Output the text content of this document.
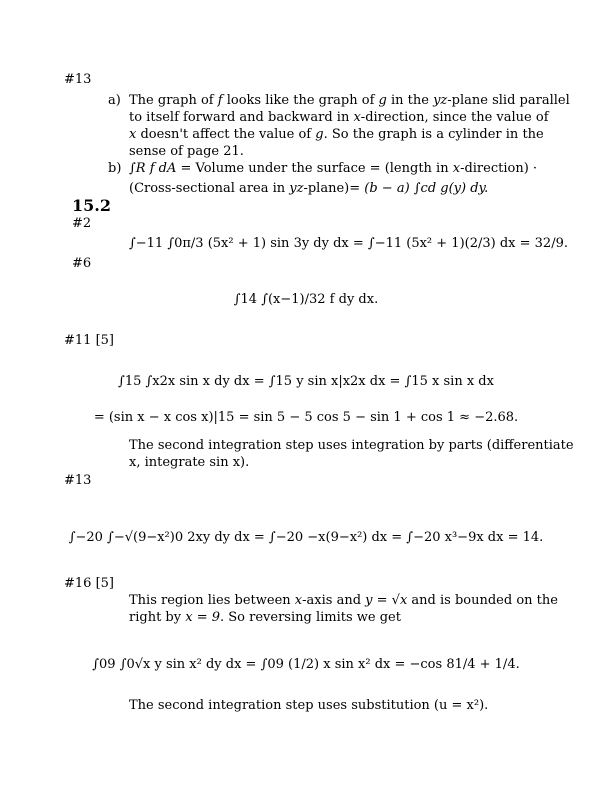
#13
a) The graph of f looks like the graph of g in the yz-plane slid parallel
to itself forward and backward in x-direction, since the value of
x doesn't affect the value of g. So the graph is a cylinder in the
sense of page 21.
b) ∫R f dA = Volume under the surface = (length in x-direction) ·
(Cross-sectional area in yz-plane)= (b − a) ∫cd g(y) dy.
15.2
#2
∫−11 ∫0π/3 (5x² + 1) sin 3y dy dx = ∫−11 (5x² + 1)(2/3) dx = 32/9.
#6
∫14 ∫(x−1)/32 f dy dx.
#11 [5]
∫15 ∫x2x sin x dy dx = ∫15 y sin x|x2x dx = ∫15 x sin x dx
= (sin x − x cos x)|15 = sin 5 − 5 cos 5 − sin 1 + cos 1 ≈ −2.68.
The second integration step uses integration by parts (differentiate
x, integrate sin x).
#13
∫−20 ∫−√(9−x²)0 2xy dy dx = ∫−20 −x(9−x²) dx = ∫−20 x³−9x dx = 14.
#16 [5]
This region lies between x-axis and y = √x and is bounded on the
right by x = 9. So reversing limits we get
∫09 ∫0√x y sin x² dy dx = ∫09 (1/2) x sin x² dx = −cos 81/4 + 1/4.
The second integration step uses substitution (u = x²).
